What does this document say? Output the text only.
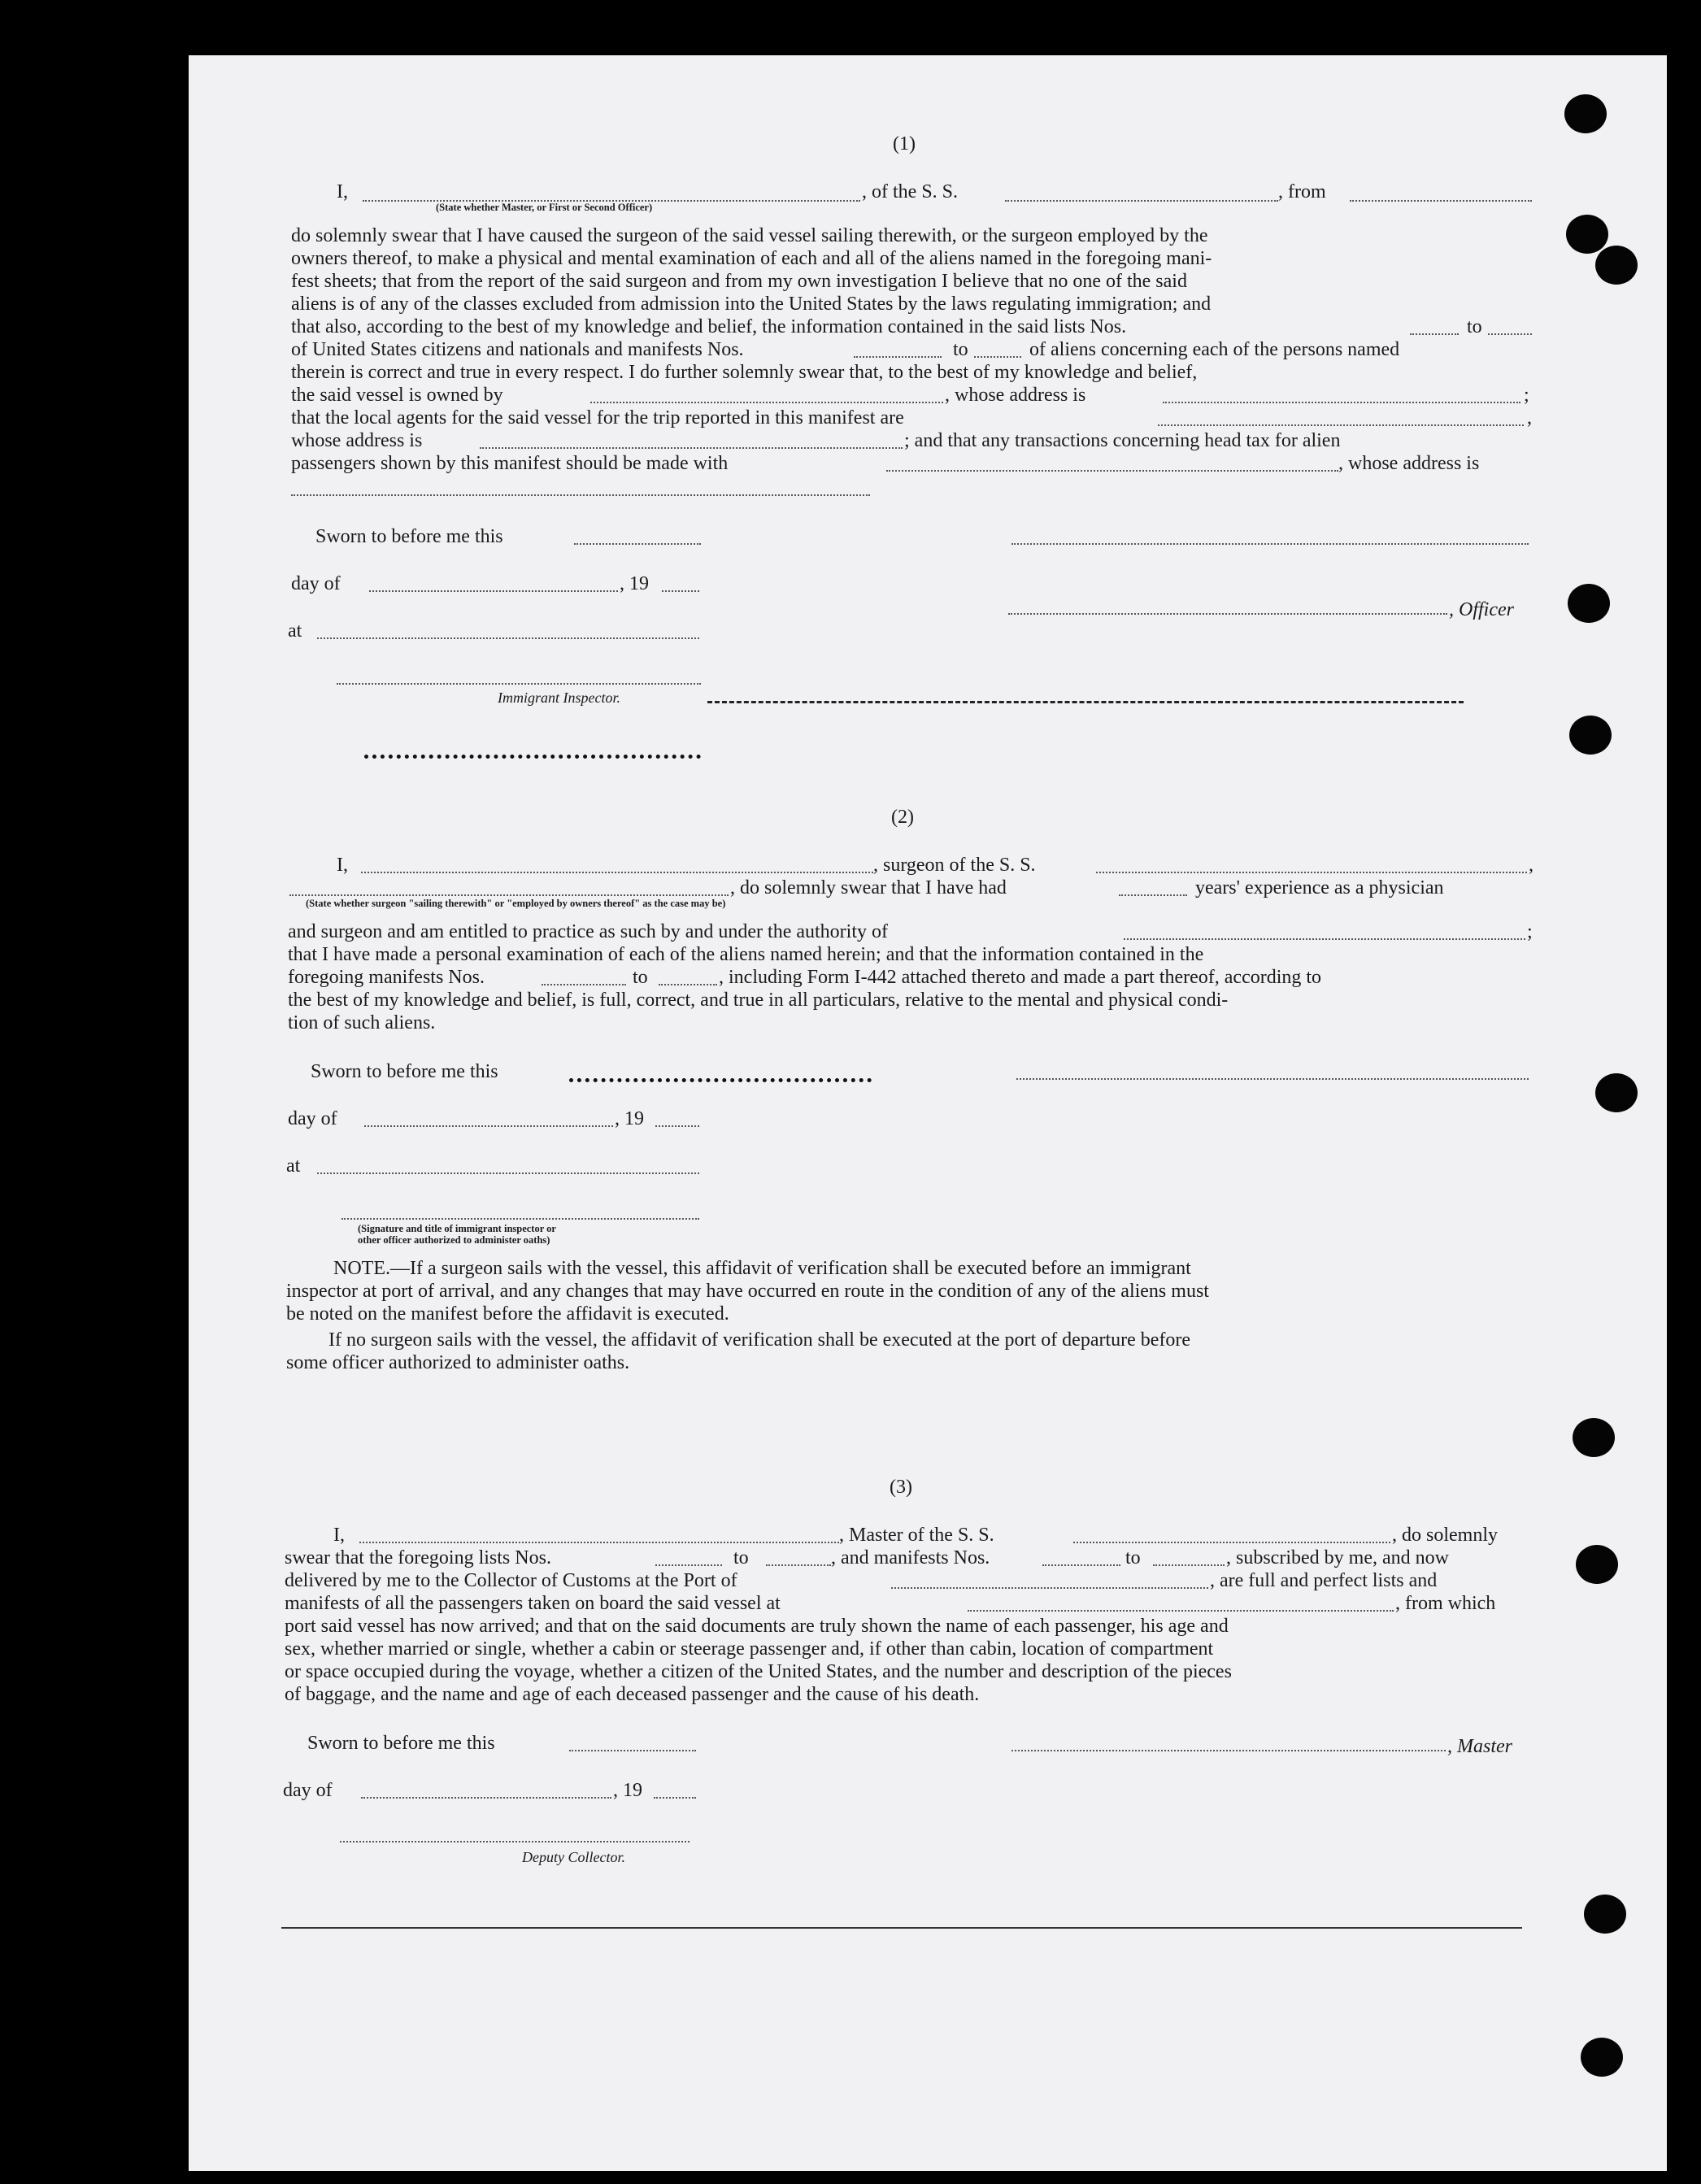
(1)
I,	, of the S. S.	, from
(State whether Master, or First or Second Officer)
do solemnly swear that I have caused the surgeon of the said vessel sailing therewith, or the surgeon employed by the
owners thereof, to make a physical and mental examination of each and all of the aliens named in the foregoing mani-
fest sheets; that from the report of the said surgeon and from my own investigation I believe that no one of the said
aliens is of any of the classes excluded from admission into the United States by the laws regulating immigration; and
that also, according to the best of my knowledge and belief, the information contained in the said lists Nos.	to
of United States citizens and nationals and manifests Nos.	to	of aliens concerning each of the persons named
therein is correct and true in every respect. I do further solemnly swear that, to the best of my knowledge and belief,
the said vessel is owned by	, whose address is	;
that the local agents for the said vessel for the trip reported in this manifest are	,
whose address is	; and that any transactions concerning head tax for alien
passengers shown by this manifest should be made with	, whose address is
Sworn to before me this
day of	, 19
, Officer
at
Immigrant Inspector.
(2)
I,	, surgeon of the S. S.	,
, do solemnly swear that I have had	years' experience as a physician
(State whether surgeon "sailing therewith" or "employed by owners thereof" as the case may be)
and surgeon and am entitled to practice as such by and under the authority of	;
that I have made a personal examination of each of the aliens named herein; and that the information contained in the
foregoing manifests Nos.	to	, including Form I-442 attached thereto and made a part thereof, according to
the best of my knowledge and belief, is full, correct, and true in all particulars, relative to the mental and physical condi-
tion of such aliens.
Sworn to before me this
day of	, 19
at
(Signature and title of immigrant inspector or
other officer authorized to administer oaths)
NOTE.—If a surgeon sails with the vessel, this affidavit of verification shall be executed before an immigrant
inspector at port of arrival, and any changes that may have occurred en route in the condition of any of the aliens must
be noted on the manifest before the affidavit is executed.
If no surgeon sails with the vessel, the affidavit of verification shall be executed at the port of departure before
some officer authorized to administer oaths.
(3)
I,	, Master of the S. S.	, do solemnly
swear that the foregoing lists Nos.	to	, and manifests Nos.	to	, subscribed by me, and now
delivered by me to the Collector of Customs at the Port of	, are full and perfect lists and
manifests of all the passengers taken on board the said vessel at	, from which
port said vessel has now arrived; and that on the said documents are truly shown the name of each passenger, his age and
sex, whether married or single, whether a cabin or steerage passenger and, if other than cabin, location of compartment
or space occupied during the voyage, whether a citizen of the United States, and the number and description of the pieces
of baggage, and the name and age of each deceased passenger and the cause of his death.
Sworn to before me this	, Master
day of	, 19
Deputy Collector.
